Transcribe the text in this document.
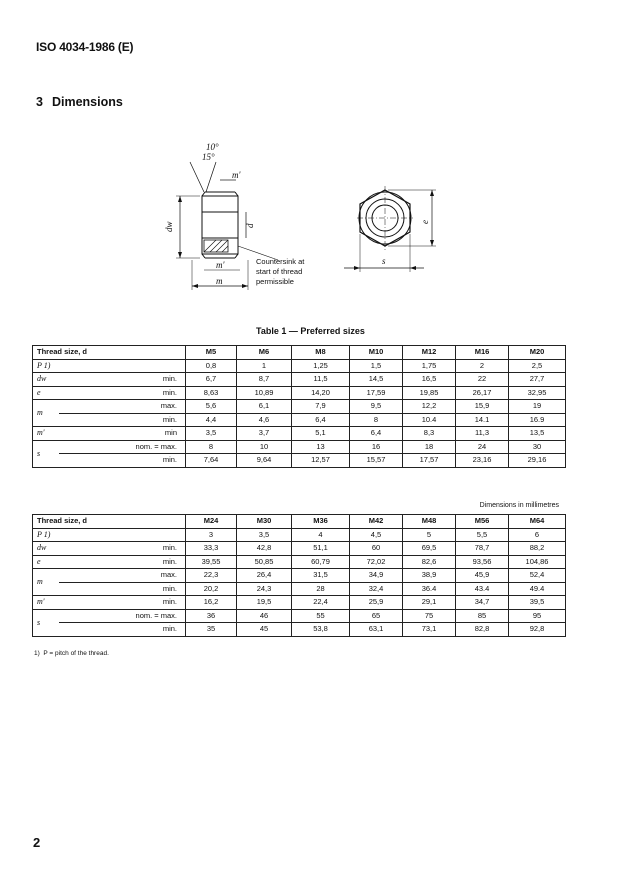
ISO 4034-1986 (E)
3 Dimensions
10°
15°
m'
dw	d
m'
m
e
s
Countersink at
start of thread
permissible
Table 1 — Preferred sizes
Thread size, d		M5	M6	M8	M10	M12	M16	M20
P 1)		0,8	1	1,25	1,5	1,75	2	2,5
dw	min.	6,7	8,7	11,5	14,5	16,5	22	27,7
e	min.	8,63	10,89	14,20	17,59	19,85	26,17	32,95
m	max.	5,6	6,1	7,9	9,5	12,2	15,9	19
	min.	4,4	4,6	6,4	8	10.4	14.1	16.9
m'	min	3,5	3,7	5,1	6,4	8,3	11,3	13,5
s	nom. = max.	8	10	13	16	18	24	30
	min.	7,64	9,64	12,57	15,57	17,57	23,16	29,16
Dimensions in millimetres
Thread size, d		M24	M30	M36	M42	M48	M56	M64
P 1)		3	3,5	4	4,5	5	5,5	6
dw	min.	33,3	42,8	51,1	60	69,5	78,7	88,2
e	min.	39,55	50,85	60,79	72,02	82,6	93,56	104,86
m	max.	22,3	26,4	31,5	34,9	38,9	45,9	52,4
	min.	20,2	24,3	28	32,4	36.4	43.4	49.4
m'	min.	16,2	19,5	22,4	25,9	29,1	34,7	39,5
s	nom. = max.	36	46	55	65	75	85	95
	min.	35	45	53,8	63,1	73,1	82,8	92,8
1) P = pitch of the thread.
2
